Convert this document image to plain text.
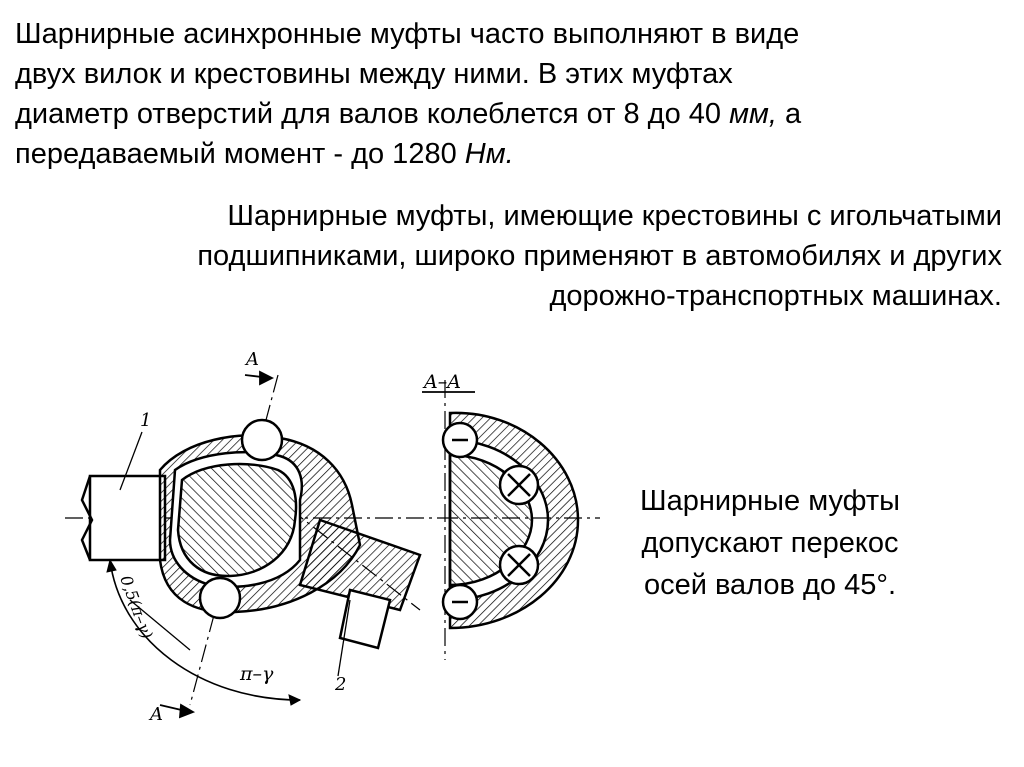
Шарнирные асинхронные муфты часто выполняют в виде
двух вилок и крестовины между ними. В этих муфтах
диаметр отверстий для валов колеблется от 8 до 40 мм, а
передаваемый момент - до 1280 Нм.
Шарнирные муфты, имеющие крестовины с игольчатыми
подшипниками, широко применяют в автомобилях и других
дорожно-транспортных машинах.
Шарнирные муфты
допускают перекос
осей валов до 45°.
A
A
1
2
0,5(π–γ)
π–γ
A–A
